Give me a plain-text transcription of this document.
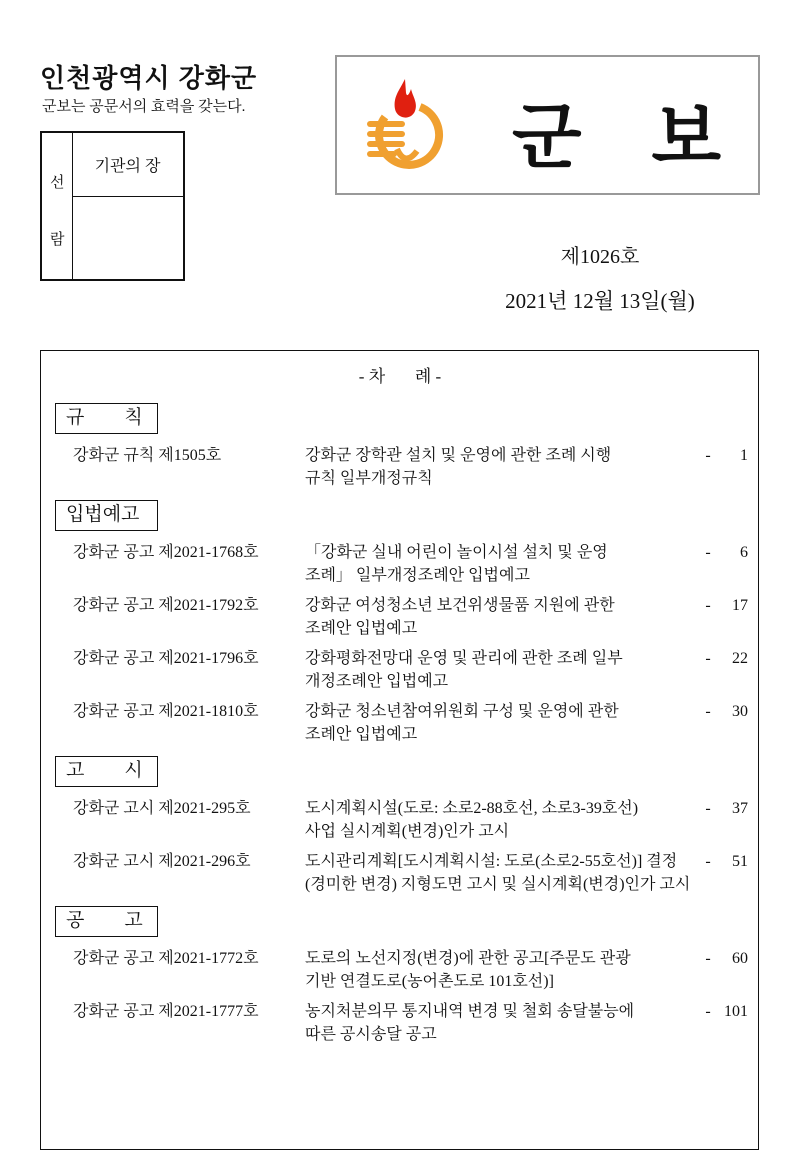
인천광역시 강화군
군보는 공문서의 효력을 갖는다.
선
람
기관의 장	군보
제1026호
2021년 12월 13일(월)
- 차       례 -
규칙
강화군 규칙 제1505호	강화군 장학관 설치 및 운영에 관한 조례 시행
규칙 일부개정규칙
-	1
입법예고
강화군 공고 제2021-1768호	「강화군 실내 어린이 놀이시설 설치 및 운영
조례」 일부개정조례안 입법예고
-	6
강화군 공고 제2021-1792호	강화군 여성청소년 보건위생물품 지원에 관한
조례안 입법예고
-	17
강화군 공고 제2021-1796호	강화평화전망대 운영 및 관리에 관한 조례 일부
개정조례안 입법예고
-	22
강화군 공고 제2021-1810호	강화군 청소년참여위원회 구성 및 운영에 관한
조례안 입법예고
-	30
고시
강화군 고시 제2021-295호	도시계획시설(도로: 소로2-88호선, 소로3-39호선)
사업 실시계획(변경)인가 고시
-	37
강화군 고시 제2021-296호	도시관리계획[도시계획시설: 도로(소로2-55호선)] 결정
(경미한 변경) 지형도면 고시 및 실시계획(변경)인가 고시
-	51
공고
강화군 공고 제2021-1772호	도로의 노선지정(변경)에 관한 공고[주문도 관광
기반 연결도로(농어촌도로 101호선)]
-	60
강화군 공고 제2021-1777호	농지처분의무 통지내역 변경 및 철회 송달불능에
따른 공시송달 공고
- 101
